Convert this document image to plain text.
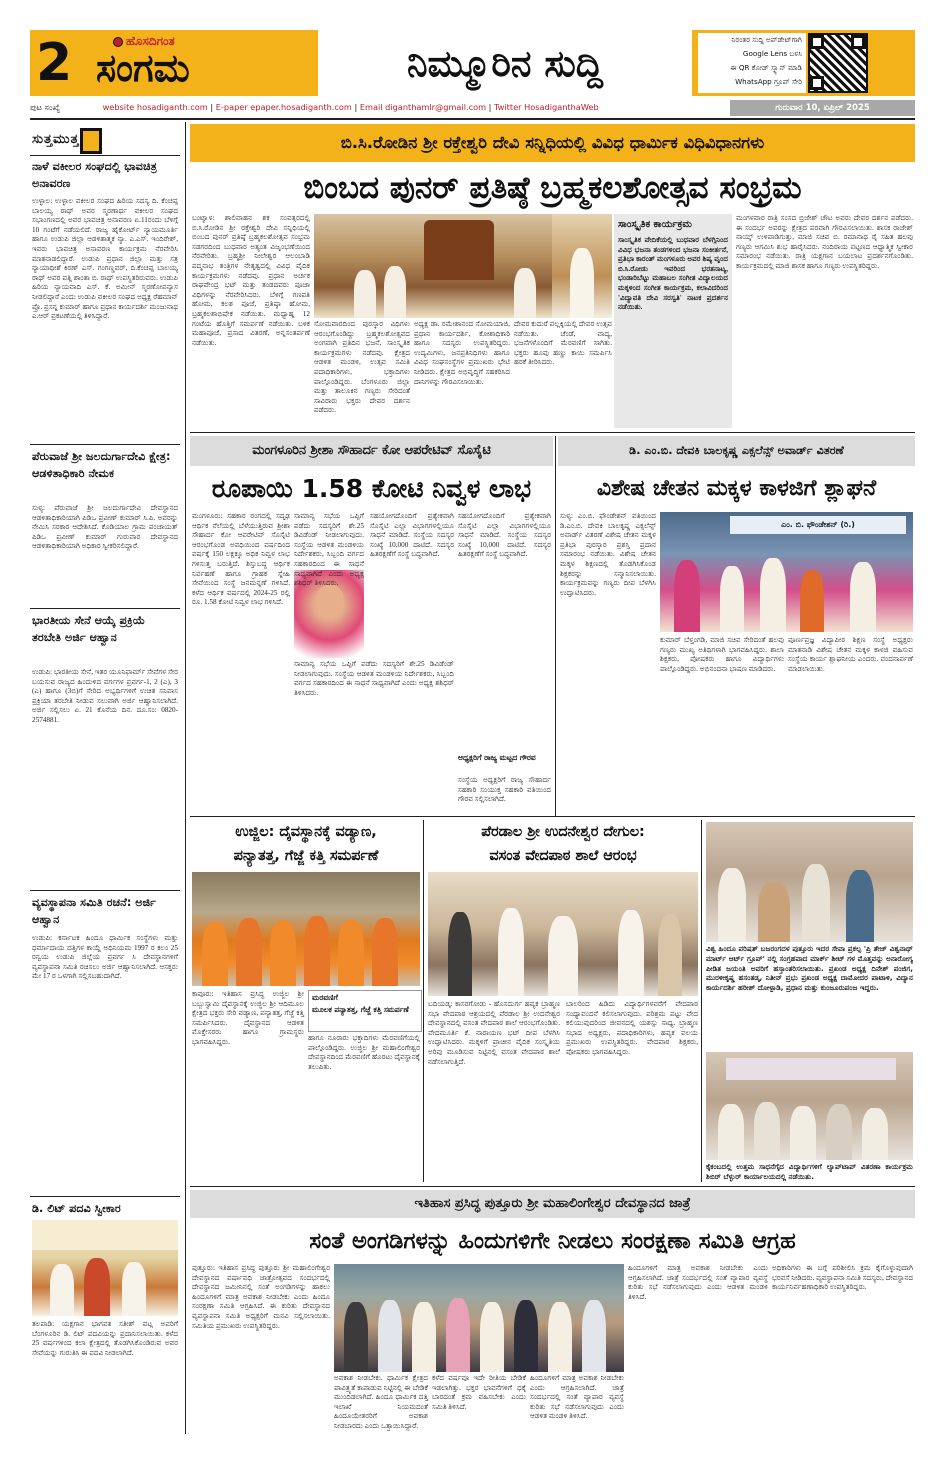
2	ಹೊಸದಿಗಂತ
ಸಂಗಮ	ನಿಮ್ಮೂರಿನ ಸುದ್ದಿ
ನಿರಂತರ ಸುದ್ದಿ ಅಪ್‌ಡೇಟ್‌ಗಾಗಿ
Google Lens ಬಳಸಿ
ಈ QR ಕೋಡ್ ಸ್ಕ್ಯಾನ್ ಮಾಡಿ
WhatsApp ಗ್ರೂಪ್ ಸೇರಿ
ಪುಟ ಸಂಖ್ಯೆ	website hosadiganth.com | E-paper epaper.hosadiganth.com | Email diganthamlr@gmail.com | Twitter HosadiganthaWeb	ಗುರುವಾರ 10, ಏಪ್ರಿಲ್ 2025
ಸುತ್ತಮುತ್ತ
ನಾಳೆ ವಕೀಲರ ಸಂಘದಲ್ಲಿ ಭಾವಚಿತ್ರ ಅನಾವರಣ
ಉಳ್ಳಾಲ: ಉಳ್ಳಾಲ ವಕೀಲರ ಸಂಘದ ಹಿರಿಯ ಸದಸ್ಯ ದಿ. ಕೆಂಚಪ್ಪ ಬಾಲಯ್ಯ ರಾಥ್ ಅವರ ಸ್ಮರಣಾರ್ಥ ವಕೀಲರ ಸಂಘದ ಸಭಾಂಗಣದಲ್ಲಿ ಅವರ ಭಾವಚಿತ್ರ ಅನಾವರಣ ಏ.11ರಂದು ಬೆಳಿಗ್ಗೆ 10 ಗಂಟೆಗೆ ನಡೆಯಲಿದೆ. ರಾಜ್ಯ ಹೈಕೋರ್ಟ್ ನ್ಯಾಯಮೂರ್ತಿ ಹಾಗೂ ಉಡುಪಿ ಜಿಲ್ಲಾ ಆಡಳಿತಾತ್ಮಕ ನ್ಯಾ. ಎ.ಎಸ್. ಇಂದಿರೇಶ್, ಇವರು ಭಾವಚಿತ್ರ ಅನಾವರಣ ಕಾರ್ಯಕ್ರಮ ನೆರವೇರಿಸಿ ಮಾತನಾಡಲಿದ್ದಾರೆ. ಉಡುಪಿ ಪ್ರಧಾನ ಜಿಲ್ಲಾ ಮತ್ತು ಸತ್ರ ನ್ಯಾಯಾಧೀಶೆ ಕಿರಣ್ ಎಸ್. ಗಂಗಣ್ಣವರ್, ದಿ.ಕೆಂಚಪ್ಪ ಬಾಲಯ್ಯ ರಾಥ್ ಅವರ ಪತ್ನಿ ಶಾಂತಾ ಬಿ. ರಾಥ್ ಉಪಸ್ಥಿತರಿರುವರು. ಉಡುಪಿ ಹಿರಿಯ ನ್ಯಾಯವಾದಿ ಎಸ್. ಕೆ. ಅಮೀನ್ ಸ್ಮರಣೋಪನ್ಯಾಸ ನೀಡಲಿದ್ದಾರೆ ಎಂದು ಉಡುಪಿ ವಕೀಲರ ಸಂಘದ ಅಧ್ಯಕ್ಷ ರೆಹಮಾನ್ ಪ್ರೊ. ಪ್ರಸನ್ನ ಕುಮಾರ್ ಹಾಗೂ ಪ್ರಧಾನ ಕಾರ್ಯದರ್ಶಿ ಮಂಜುನಾಥ ಎ.ಆರ್ ಪ್ರಕಟಣೆಯಲ್ಲಿ ತಿಳಿಸಿದ್ದಾರೆ.
ಪೆರುವಾಜೆ ಶ್ರೀ ಜಲದುರ್ಗಾದೇವಿ ಕ್ಷೇತ್ರ: ಆಡಳಿತಾಧಿಕಾರಿ ನೇಮಕ
ಸುಳ್ಯ: ಪೆರುವಾಜೆ ಶ್ರೀ ಜಲದುರ್ಗಾದೇವಿ ದೇವಸ್ಥಾನದ ಆಡಳಿತಾಧಿಕಾರಿಯಾಗಿ ಪಿಡಿಒ ಪ್ರವೀಣ್ ಕುಮಾರ್ ಸಿ.ಪಿ. ಅವರನ್ನು ನೇಮಿಸಿ ಸರಕಾರ ಆದೇಶಿಸಿದೆ. ಕೊಡಿಯಾಲ ಗ್ರಾಮ ಪಂಚಾಯತ್ ಪಿಡಿಒ ಪ್ರವೀಣ್ ಕುಮಾರ್ ಗುರುವಾರ ದೇವಸ್ಥಾನದ ಆಡಳಿತಾಧಿಕಾರಿಯಾಗಿ ಅಧಿಕಾರ ಸ್ವೀಕರಿಸಲಿದ್ದಾರೆ.
ಭಾರತೀಯ ಸೇನೆ ಆಯ್ಕೆ ಪ್ರಕ್ರಿಯೆ ತರಬೇತಿ ಅರ್ಜಿ ಆಹ್ವಾನ
ಉಡುಪಿ: ಭಾರತೀಯ ಸೇನೆ, ಇತರ ಯೂನಿಫಾರ್ಮ್ ಸೇವೆಗಳ ಸೇರ ಬಯಸುವ ರಾಜ್ಯದ ಹಿಂದುಳಿದ ವರ್ಗಗಳ ಪ್ರವರ್ಗ-1, 2 (ಎ), 3 (ಎ) ಹಾಗೂ (3ಬಿ)ಗೆ ಸೇರಿದ ಅಭ್ಯರ್ಥಿಗಳಿಗೆ ಉಚಿತ ಸನಿವಾಸ ಪ್ರಕ್ರಿಯಾ ತರಬೇತಿ ನೀಡುವ ಸಲುವಾಗಿ ಅರ್ಜಿ ಆಹ್ವಾನಿಸಲಾಗಿದೆ. ಅರ್ಜಿ ಸಲ್ಲಿಸಲು ಏ. 21 ಕೊನೆಯ ದಿನ. ದೂ.ಸಂ: 0820-2574881.
ವ್ಯವಸ್ಥಾಪನಾ ಸಮಿತಿ ರಚನೆ: ಅರ್ಜಿ ಆಹ್ವಾನ
ಉಡುಪಿ: ಕರ್ನಾಟಕ ಹಿಂದೂ ಧಾರ್ಮಿಕ ಸಂಸ್ಥೆಗಳು ಮತ್ತು ಧರ್ಮಾದಾಯ ದತ್ತಿಗಳ ಕಾಯ್ದೆ ಅಧಿನಿಯಮ 1997 ರ ಕಲಂ 25 ರನ್ವಯ ಉಡುಪಿ ಜಿಲ್ಲೆಯ ಪ್ರವರ್ಗ ಸಿ ದೇವಸ್ಥಾನಗಳಿಗೆ ವ್ಯವಸ್ಥಾಪನಾ ಸಮಿತಿ ರಚಿಸಲು ಅರ್ಜಿ ಆಹ್ವಾನಿಸಲಾಗಿದೆ. ಆಸಕ್ತರು ಮೇ 17 ರ ಒಳಗಾಗಿ ಸಲ್ಲಿಸಬಹುದಾಗಿದೆ.
ಡಿ. ಲಿಟ್ ಪದವಿ ಸ್ವೀಕಾರ
ತಲಪಾಡಿ: ಯಕ್ಷಗಾನ ಭಾಗವತ ಸತೀಶ್ ಪಟ್ಲ ಅವರಿಗೆ ಬೆಂಗಳೂರಿನ ಡಿ. ಲಿಟ್ ಪದವಿಯನ್ನು ಪ್ರದಾನಿಸಲಾಯಿತು. ಕಳೆದ 25 ವರ್ಷಗಳಿಂದ ಕಲಾ ಕ್ಷೇತ್ರದಲ್ಲಿ ತೊಡಗಿಸಿಕೊಂಡಿರುವ ಅವರ ಸೇವೆಯನ್ನು ಗುರುತಿಸಿ ಈ ಪದವಿ ನೀಡಲಾಗಿದೆ.
ಬಿ.ಸಿ.ರೋಡಿನ ಶ್ರೀ ರಕ್ತೇಶ್ವರಿ ದೇವಿ ಸನ್ನಿಧಿಯಲ್ಲಿ ವಿವಿಧ ಧಾರ್ಮಿಕ ವಿಧಿವಿಧಾನಗಳು
ಬಿಂಬದ ಪುನರ್ ಪ್ರತಿಷ್ಠೆ ಬ್ರಹ್ಮಕಲಶೋತ್ಸವ ಸಂಭ್ರಮ
ಬಂಟ್ವಾಳ: ಶಾಲಿವಾಹನ ಶಕ ಸಂವತ್ಸರದಲ್ಲಿ ಬಿ.ಸಿ.ರೋಡಿನ ಶ್ರೀ ರಕ್ತೇಶ್ವರಿ ದೇವಿ ಸನ್ನಿಧಿಯಲ್ಲಿ ಬಿಂಬದ ಪುನರ್ ಪ್ರತಿಷ್ಠೆ ಬ್ರಹ್ಮಕಲಶೋತ್ಸವ ಸಂಭ್ರಮ ಸಡಗರದಿಂದ ಬುಧವಾರ ಅತ್ಯಂತ ವಿಜೃಂಭಣೆಯಿಂದ ನೆರವೇರಿತು. ಬ್ರಹ್ಮಶ್ರೀ ನೀಲೇಶ್ವರ ಆಲಂಬಾಡಿ ಪದ್ಮನಾಭ ತಂತ್ರಿಗಳ ನೇತೃತ್ವದಲ್ಲಿ ವಿವಿಧ ವೈದಿಕ ಕಾರ್ಯಕ್ರಮಗಳು ನಡೆದವು. ಪ್ರಧಾನ ಅರ್ಚಕ ರಾಘವೇಂದ್ರ ಭಟ್ ಮತ್ತು ತಂಡದವರು ಪೂಜಾ ವಿಧಿಗಳನ್ನು ನೆರವೇರಿಸಿದರು. ಬೆಳಿಗ್ಗೆ ಗಣಪತಿ ಹೋಮ, ಕಲಶ ಪೂಜೆ, ಪ್ರತಿಷ್ಠಾ ಹೋಮ, ಬ್ರಹ್ಮಕಲಶಾಭಿಷೇಕ ನಡೆಯಿತು. ಮಧ್ಯಾಹ್ನ 12 ಗಂಟೆಯ ಹೊತ್ತಿಗೆ ಸಮರ್ಪಣೆ ನಡೆಯಿತು. ಬಳಿಕ ಮಹಾಪೂಜೆ, ಪ್ರಸಾದ ವಿತರಣೆ, ಅನ್ನಸಂತರ್ಪಣೆ ನಡೆಯಿತು.
ಸೋಮವಾರದಿಂದ ಪುರಸ್ಕಾರ ವಿಧಿಗಳು ಆರಂಭಗೊಂಡಿದ್ದು ಬ್ರಹ್ಮಕಲಶೋತ್ಸವದ ಅಂಗವಾಗಿ ಪ್ರತಿದಿನ ಭಜನೆ, ಸಾಂಸ್ಕೃತಿಕ ಕಾರ್ಯಕ್ರಮಗಳು ನಡೆದವು. ಕ್ಷೇತ್ರದ ಆಡಳಿತ ಮಂಡಳಿ, ಉತ್ಸವ ಸಮಿತಿ ಪದಾಧಿಕಾರಿಗಳು, ಭಕ್ತಾದಿಗಳು ಪಾಲ್ಗೊಂಡಿದ್ದರು. ಬೆಂಗಳೂರು ಜಿಲ್ಲಾ ಮತ್ತು ತಾಲೂಕಿನ ಗಣ್ಯರು ಸೇರಿದಂತೆ ಸಾವಿರಾರು ಭಕ್ತರು ದೇವರ ದರ್ಶನ ಪಡೆದರು.
ಅಧ್ಯಕ್ಷ ಡಾ. ರಮೇಶಾನಂದ ಸೋಮಯಾಜಿ, ಪ್ರಧಾನ ಕಾರ್ಯದರ್ಶಿ, ಕೋಶಾಧಿಕಾರಿ ಹಾಗೂ ಸದಸ್ಯರು ಉಪಸ್ಥಿತರಿದ್ದರು. ಉದ್ಯಮಿಗಳು, ಜನಪ್ರತಿನಿಧಿಗಳು ಹಾಗೂ ವಿವಿಧ ಸಂಘಸಂಸ್ಥೆಗಳ ಪ್ರಮುಖರು ಭೇಟಿ ನೀಡಿದರು. ಕ್ಷೇತ್ರದ ಅಭಿವೃದ್ಧಿಗೆ ಸಹಕರಿಸಿದ ದಾನಿಗಳನ್ನು ಗೌರವಿಸಲಾಯಿತು.
ದೇವರ ಕುದುರೆ ಪಲ್ಲಕ್ಕಿಯಲ್ಲಿ ದೇವರ ಉತ್ಸವ ನಡೆಯಿತು. ಚೆಂಡೆ, ವಾದ್ಯ, ಭಜನೆಗಳೊಂದಿಗೆ ಮೆರವಣಿಗೆ ಸಾಗಿತು. ಭಕ್ತರು ಹೂವು ಹಣ್ಣು ಕಾಯಿ ಸಮರ್ಪಿಸಿ ಹರಕೆ ತೀರಿಸಿದರು.
ಸಾಂಸ್ಕೃತಿಕ ಕಾರ್ಯಕ್ರಮ
ಸಾಂಸ್ಕೃತಿಕ ವೇದಿಕೆಯಲ್ಲಿ ಬುಧವಾರ ಬೆಳಗ್ಗಿನಿಂದ ವಿವಿಧ ಭಜನಾ ತಂಡಗಳಿಂದ ಭಜನಾ ಸಂಕೀರ್ತನೆ, ಪ್ರತಿಭಾ ಕಾರಂತ್ ಮಂಗಳೂರು ಅವರ ಶಿಷ್ಯ ವೃಂದ ಬಿ.ಸಿ.ರೋಡು ಇವರಿಂದ ಭರತನಾಟ್ಯ, ಭಂಡಾರಿಬೆಟ್ಟು ಮಹಾಬಲ ಸಂಗೀತ ವಿದ್ಯಾಲಯದ ಮಕ್ಕಳಿಂದ ಸಂಗೀತ ಕಾರ್ಯಕ್ರಮ, ಕಲಾವಿದರಿಂದ 'ವಿದ್ಯಾವತಿ ದೇವಿ ಸರಸ್ವತಿ' ನಾಟಕ ಪ್ರದರ್ಶನ ನಡೆಯಿತು.
ಮಂಗಳವಾರ ರಾತ್ರಿ ಸಂಸದ ಬ್ರಿಜೇಶ್ ಚೌಟ ಅವರು ದೇವರ ದರ್ಶನ ಪಡೆದರು. ಈ ಸಂದರ್ಭ ಅವರನ್ನು ಕ್ಷೇತ್ರದ ಪರವಾಗಿ ಗೌರವಿಸಲಾಯಿತು. ಶಾಸಕ ರಾಜೇಶ್ ನಾಯ್ಕ್ ಉಳಿಪಾಡಿಗುತ್ತು, ಮಾಜಿ ಸಚಿವ ಬಿ. ರಮಾನಾಥ ರೈ ಸಹಿತ ಹಲವು ಗಣ್ಯರು ಆಗಮಿಸಿ ಶುಭ ಹಾರೈಸಿದರು. ನಂದಿರಾಯ ಪಟ್ಟಣದ ಆಧ್ಯಾತ್ಮಿಕ ಸ್ವೀಕಾರ ಸಮಾರಂಭ ನಡೆಯಿತು. ರಾತ್ರಿ ಯಕ್ಷಗಾನ ಬಯಲಾಟ ಪ್ರದರ್ಶನಗೊಂಡಿತು. ಕಾರ್ಯಕ್ರಮದಲ್ಲಿ ಮಾಜಿ ಶಾಸಕ ಹಾಗೂ ಗಣ್ಯರು ಉಪಸ್ಥಿತರಿದ್ದರು.
ಮಂಗಳೂರಿನ ಶ್ರೀಶಾ ಸೌಹಾರ್ದ ಕೋ ಆಪರೇಟಿವ್ ಸೊಸೈಟಿ
ರೂಪಾಯಿ 1.58 ಕೋಟಿ ನಿವ್ವಳ ಲಾಭ
ಮಂಗಳೂರು: ಸಹಕಾರ ರಂಗದಲ್ಲಿ ಸದೃಢ ಆರ್ಥಿಕ ನೆಲೆಯಲ್ಲಿ ಬೆಳೆಯುತ್ತಿರುವ ಶ್ರೀಶಾ ಸೌಹಾರ್ದ ಕೋ ಆಪರೇಟಿವ್ ಸೊಸೈಟಿ ಆರಂಭಗೊಂಡ ಅವಧಿಯಿಂದ ವರ್ಷದಿಂದ ವರ್ಷಕ್ಕೆ 150 ಲಕ್ಷಕ್ಕೂ ಅಧಿಕ ನಿವ್ವಳ ಲಾಭ ಗಳಿಸುತ್ತ ಬರುತ್ತಿದೆ. ಶಿಸ್ತುಬದ್ಧ ಆರ್ಥಿಕ ನಿರ್ವಹಣೆ ಹಾಗೂ ಗ್ರಾಹಕ ಸ್ನೇಹಿ ಸೇವೆಯಿಂದ ಸಂಸ್ಥೆ ಜನಮನ್ನಣೆ ಗಳಿಸಿದೆ. ಕಳೆದ ಆರ್ಥಿಕ ವರ್ಷದಲ್ಲಿ 2024-25 ರಲ್ಲಿ ರೂ. 1.58 ಕೋಟಿ ನಿವ್ವಳ ಲಾಭ ಗಳಿಸಿದೆ.
ಸಾಮಾನ್ಯ ಸಭೆಯ ಒಪ್ಪಿಗೆ ಪಡೆದು ಸದಸ್ಯರಿಗೆ ಶೇ.25 ಡಿವಿಡೆಂಡ್ ನೀಡಲಾಗುವುದು. ಸಂಸ್ಥೆಯ ಆಡಳಿತ ಮಂಡಳಿಯ ನಿರ್ದೇಶಕರು, ಸಿಬ್ಬಂದಿ ವರ್ಗದ ಸಹಕಾರದಿಂದ ಈ ಸಾಧನೆ ಸಾಧ್ಯವಾಗಿದೆ ಎಂದು ಅಧ್ಯಕ್ಷ ಶಶಿಧರ್ ತಿಳಿಸಿದರು.
ಸಾಮಾನ್ಯ ಸಭೆಯ ಒಪ್ಪಿಗೆ ಪಡೆದು ಸದಸ್ಯರಿಗೆ ಶೇ.25 ಡಿವಿಡೆಂಡ್ ನೀಡಲಾಗುವುದು. ಸಂಸ್ಥೆಯ ಆಡಳಿತ ಮಂಡಳಿಯ ನಿರ್ದೇಶಕರು, ಸಿಬ್ಬಂದಿ ವರ್ಗದ ಸಹಕಾರದಿಂದ ಈ ಸಾಧನೆ ಸಾಧ್ಯವಾಗಿದೆ ಎಂದು ಅಧ್ಯಕ್ಷ ಶಶಿಧರ್ ತಿಳಿಸಿದರು.
ಸಹಯೋಗದೊಂದಿಗೆ ಪ್ರತ್ಯೇಕವಾಗಿ ಸೊಸೈಟಿ ಎಲ್ಲಾ ವಿಭಾಗಗಳಲ್ಲಿಯೂ ಸಾಧನೆ ಮಾಡಿದೆ. ಸಂಸ್ಥೆಯ ಸದಸ್ಯರ ಸಂಖ್ಯೆ 10,000 ದಾಟಿದೆ. ಸದಸ್ಯರ ಹಿತರಕ್ಷಣೆಗೆ ಸಂಸ್ಥೆ ಬದ್ಧವಾಗಿದೆ.
ಸಹಯೋಗದೊಂದಿಗೆ ಪ್ರತ್ಯೇಕವಾಗಿ ಸೊಸೈಟಿ ಎಲ್ಲಾ ವಿಭಾಗಗಳಲ್ಲಿಯೂ ಸಾಧನೆ ಮಾಡಿದೆ. ಸಂಸ್ಥೆಯ ಸದಸ್ಯರ ಸಂಖ್ಯೆ 10,000 ದಾಟಿದೆ. ಸದಸ್ಯರ ಹಿತರಕ್ಷಣೆಗೆ ಸಂಸ್ಥೆ ಬದ್ಧವಾಗಿದೆ.
ಆಧ್ಯಕ್ಷರಿಗೆ ರಾಜ್ಯ ಮಟ್ಟದ ಗೌರವ
ಸಂಸ್ಥೆಯ ಅಧ್ಯಕ್ಷರಿಗೆ ರಾಜ್ಯ ಸೌಹಾರ್ದ ಸಹಕಾರಿ ಸಂಯುಕ್ತ ಸಹಕಾರಿ ವತಿಯಿಂದ ಗೌರವ ಸಲ್ಲಿಸಲಾಗಿದೆ.
ಡಿ. ಎಂ.ಬಿ. ದೇವಕಿ ಬಾಲಕೃಷ್ಣ ಎಕ್ಸಲೆನ್ಸ್ ಅವಾರ್ಡ್ ವಿತರಣೆ
ವಿಶೇಷ ಚೇತನ ಮಕ್ಕಳ ಕಾಳಜಿಗೆ ಶ್ಲಾಘನೆ
ಸುಳ್ಯ: ಎಂ.ಬಿ. ಫೌಂಡೇಶನ್ ವತಿಯಿಂದ ಡಿ.ಎಂ.ಬಿ. ದೇವಕಿ ಬಾಲಕೃಷ್ಣ ಎಕ್ಸಲೆನ್ಸ್ ಅವಾರ್ಡ್ ವಿತರಣೆ ವಿಶೇಷ ಚೇತನ ಮಕ್ಕಳ ಪ್ರತಿಭಾ ಪುರಸ್ಕಾರ ಪ್ರಶಸ್ತಿ ಪ್ರದಾನ ಸಮಾರಂಭ ನಡೆಯಿತು. ವಿಶೇಷ ಚೇತನ ಮಕ್ಕಳ ಶಿಕ್ಷಣದಲ್ಲಿ ತೊಡಗಿಸಿಕೊಂಡ ಶಿಕ್ಷಕರನ್ನು ಸನ್ಮಾನಿಸಲಾಯಿತು. ಕಾರ್ಯಕ್ರಮವನ್ನು ಗಣ್ಯರು ದೀಪ ಬೆಳಗಿಸಿ ಉದ್ಘಾಟಿಸಿದರು.
ಎಂ. ಬಿ. ಫೌಂಡೇಶನ್ (ರಿ.)
ಕುಮಾರ್ ಬೆಳ್ತಂಗಡಿ, ಮಾಜಿ ಸಚಿವ ಸೇರಿದಂತೆ ಹಲವು ಗಣ್ಯರು ಮುಖ್ಯ ಅತಿಥಿಗಳಾಗಿ ಭಾಗವಹಿಸಿದ್ದರು. ಶಾಲಾ ಶಿಕ್ಷಕರು, ಪೋಷಕರು ಹಾಗೂ ವಿದ್ಯಾರ್ಥಿಗಳು ಪಾಲ್ಗೊಂಡಿದ್ದರು. ಅಭಿನಂದನಾ ಭಾಷಣ ಮಾಡಿದರು.
ಪೂರ್ಣಪ್ರಜ್ಞ ವಿದ್ಯಾಪೀಠ ಶಿಕ್ಷಣ ಸಂಸ್ಥೆ ಅಧ್ಯಕ್ಷರು ಮಾತನಾಡಿ ವಿಶೇಷ ಚೇತನ ಮಕ್ಕಳ ಕಾಳಜಿ ವಹಿಸುವ ಸಂಸ್ಥೆಯ ಕಾರ್ಯ ಶ್ಲಾಘನೀಯ ಎಂದರು. ವಂದನಾರ್ಪಣೆ ಮಾಡಲಾಯಿತು.
ಉಜ್ಜಿಲ: ದೈವಸ್ಥಾನಕ್ಕೆ ವಡ್ಯಾಣ,
ಪನ್ಯಾತತ್ತ, ಗೆಜ್ಜೆ ಕತ್ತಿ ಸಮರ್ಪಣೆ
ಕಾವೂರು: ಇತಿಹಾಸ ಪ್ರಸಿದ್ಧ ಉಜ್ಜಿಲ ಶ್ರೀ ಬಬ್ಬುಸ್ವಾಮಿ ದೈವಸ್ಥಾನಕ್ಕೆ ಉಜ್ಜಿಲ ಶ್ರೀ ಆದಿಮೂಲ ಕ್ಷೇತ್ರದ ಭಕ್ತರು ಸೇರಿ ವಡ್ಯಾಣ, ಪನ್ಯಾತತ್ತ, ಗೆಜ್ಜೆ ಕತ್ತಿ ಸಮರ್ಪಿಸಿದರು. ದೈವಸ್ಥಾನದ ಆಡಳಿತ ಮೊಕ್ತೇಸರರು ಹಾಗೂ ಗ್ರಾಮಸ್ಥರು ಭಾಗವಹಿಸಿದ್ದರು.
ಮರವಣಿಗೆ
ಮೂಲಕ ಪನ್ಯಾತತ್ತ, ಗೆಜ್ಜೆ ಕತ್ತಿ ಸಮರ್ಪಣೆ
ಹಾಗೂ ನೂರಾರು ಭಕ್ತಾದಿಗಳು ಮೆರವಣಿಗೆಯಲ್ಲಿ ಪಾಲ್ಗೊಂಡಿದ್ದರು. ಉಜ್ಜಿಲ ಶ್ರೀ ಮಹಾಲಿಂಗೇಶ್ವರ ದೇವಸ್ಥಾನದಿಂದ ಮೆರವಣಿಗೆ ಹೊರಟು ದೈವಸ್ಥಾನಕ್ಕೆ ತಲುಪಿತು.
ಪೆರಡಾಲ ಶ್ರೀ ಉದನೇಶ್ವರ ದೇಗುಲ:
ವಸಂತ ವೇದಪಾಠ ಶಾಲೆ ಆರಂಭ
ಬದಿಯಡ್ಕ: ಕಾಸರಗೋಡು - ಹೊಸದುರ್ಗ ಹವ್ಯಕ ಬ್ರಾಹ್ಮಣ ಸಭಾ ವೇದಪಾಠ ಆಶ್ರಯದಲ್ಲಿ ಪೆರಡಾಲ ಶ್ರೀ ಉದನೇಶ್ವರ ದೇವಸ್ಥಾನದಲ್ಲಿ ವಸಂತ ವೇದಪಾಠ ಶಾಲೆ ಆರಂಭಗೊಂಡಿತು. ವೇದಮೂರ್ತಿ ಕೆ. ನಾರಾಯಣ ಭಟ್ ದೀಪ ಬೆಳಗಿಸಿ ಉದ್ಘಾಟಿಸಿದರು. ಮಕ್ಕಳಿಗೆ ಪ್ರಾಚೀನ ವೈದಿಕ ಸಂಸ್ಕೃತಿಯ ಅರಿವು ಮೂಡಿಸುವ ನಿಟ್ಟಿನಲ್ಲಿ ವಸಂತ ವೇದಪಾಠ ಶಾಲೆ ನಡೆಸಲಾಗುತ್ತಿದೆ.
ಬಾಲರಿಂದ ಹಿಡಿದು ವಿದ್ಯಾರ್ಥಿಗಳವರೆಗೆ ವೇದಪಾಠ ಸಂಧ್ಯಾವಂದನೆ ಕಲಿಸಲಾಗುವುದು. ಪರಿಶ್ರಮ ಪಟ್ಟು ವೇದ ಕಲಿಯುವುದರಿಂದ ಜೀವನದಲ್ಲಿ ಯಶಸ್ಸು ಸಾಧ್ಯ. ಬ್ರಾಹ್ಮಣ ಸಭಾದ ಅಧ್ಯಕ್ಷರು, ಪದಾಧಿಕಾರಿಗಳು, ಹವ್ಯಕ ವಲಯ ಪ್ರಮುಖರು ಉಪಸ್ಥಿತರಿದ್ದರು. ವೇದಪಾಠ ಶಿಕ್ಷಕರು, ಪೋಷಕರು ಭಾಗವಹಿಸಿದ್ದರು.
ವಿಶ್ವ ಹಿಂದೂ ಪರಿಷತ್ ಬಜರಂಗದಳ ಪುತ್ತೂರು ಇದರ ಸೇವಾ ಪ್ರಕಲ್ಪ 'ಪ್ರಿ ತೇಜ್ ವಿಶ್ವನಾಥ್ ಮಾರ್ಟ್ ಆರ್ಟ್ ಗ್ರೂಪ್' ನಲ್ಲಿ ಸಂಗ್ರಹವಾದ ಮಾರ್ಕ್ ಶೀಟ್ ಗಳ ಮೊತ್ತವನ್ನು ಅನಾರೋಗ್ಯ ಪೀಡಿತ ಜಯಂತಿ ಅವರಿಗೆ ಹಸ್ತಾಂತರಿಸಲಾಯಿತು. ಪ್ರಖಂಡ ಅಧ್ಯಕ್ಷ ದಿನೇಶ್ ಪಂಜಿಗ, ಮುರಳೀಕೃಷ್ಣ ಹಸಂತಡ್ಕ, ನಿತೀನ್ ಪ್ರಭು ಪ್ರಖಂಡ ಅಧ್ಯಕ್ಷ ದಾಮೋದರ ಪಾಟಾಳಿ, ವಿದ್ಯಾನ ಕಾರ್ಯದರ್ಶಿ ಹರೀಶ್ ದೋಳ್ಪಾಡಿ, ಪ್ರಧಾನ ಮತ್ತು ಕುಂಜೂರುಪಂಜ ಇದ್ದರು.
ಕೈಕಂಬದಲ್ಲಿ ಉತ್ತಮ ಸಾಧನೆಗೈದ ವಿದ್ಯಾರ್ಥಿಗಳಿಗೆ ಲ್ಯಾಪ್‌ಟಾಪ್ ವಿತರಣಾ ಕಾರ್ಯಕ್ರಮ ಶಿಬಿರ್ ಬೆಳ್ಳುರ್ ಕಾರ್ಯಾಲಯದಲ್ಲಿ ನಡೆಯಿತು.
ಇತಿಹಾಸ ಪ್ರಸಿದ್ಧ ಪುತ್ತೂರು ಶ್ರೀ ಮಹಾಲಿಂಗೇಶ್ವರ ದೇವಸ್ಥಾನದ ಜಾತ್ರೆ
ಸಂತೆ ಅಂಗಡಿಗಳನ್ನು ಹಿಂದುಗಳಿಗೇ ನೀಡಲು ಸಂರಕ್ಷಣಾ ಸಮಿತಿ ಆಗ್ರಹ
ಪುತ್ತೂರು: ಇತಿಹಾಸ ಪ್ರಸಿದ್ಧ ಪುತ್ತೂರು ಶ್ರೀ ಮಹಾಲಿಂಗೇಶ್ವರ ದೇವಸ್ಥಾನದ ವರ್ಷಾವಧಿ ಜಾತ್ರೋತ್ಸವದ ಸಂದರ್ಭದಲ್ಲಿ ದೇವಸ್ಥಾನದ ಜಮೀನಿನಲ್ಲಿ ಸಂತೆ ಅಂಗಡಿಗಳನ್ನು ಹಾಕಲು ಹಿಂದೂಗಳಿಗೆ ಮಾತ್ರ ಅವಕಾಶ ನೀಡಬೇಕು ಎಂದು ಹಿಂದೂ ಸಂರಕ್ಷಣಾ ಸಮಿತಿ ಆಗ್ರಹಿಸಿದೆ. ಈ ಕುರಿತು ದೇವಸ್ಥಾನದ ವ್ಯವಸ್ಥಾಪನಾ ಸಮಿತಿ ಅಧ್ಯಕ್ಷರಿಗೆ ಮನವಿ ಸಲ್ಲಿಸಲಾಯಿತು. ಸಮಿತಿಯ ಪ್ರಮುಖರು ಉಪಸ್ಥಿತರಿದ್ದರು.
ಅವಕಾಶ ನೀಡಬೇಕು. ಧಾರ್ಮಿಕ ಕ್ಷೇತ್ರದ ಪಾವಿತ್ರ್ಯತೆ ಕಾಪಾಡುವ ನಿಟ್ಟಿನಲ್ಲಿ ಈ ಬೇಡಿಕೆ ಮುಂದಿಡಲಾಗಿದೆ. ಹಿಂದೂ ಧಾರ್ಮಿಕ ದತ್ತಿ ಇಲಾಖೆ ನಿಯಮದಂತೆ ಹಿಂದೂಯೇತರರಿಗೆ ಅವಕಾಶ ನೀಡಬಾರದು ಎಂದು ಒತ್ತಾಯಿಸಿದ್ದಾರೆ.
ಕಳೆದ ವರ್ಷವೂ ಇದೇ ರೀತಿಯ ಬೇಡಿಕೆ ಇಡಲಾಗಿತ್ತು. ಭಕ್ತರ ಭಾವನೆಗಳಿಗೆ ಧಕ್ಕೆ ಬಾರದಂತೆ ಕ್ರಮ ವಹಿಸಬೇಕು ಎಂದು ಸಮಿತಿ ತಿಳಿಸಿದೆ.
ಹಿಂದೂಗಳಿಗೆ ಮಾತ್ರ ಅವಕಾಶ ನೀಡಬೇಕು ಎಂದು ಆಗ್ರಹಿಸಲಾಗಿದೆ. ಜಾತ್ರೆ ಸಂದರ್ಭದಲ್ಲಿ ಸಂತೆ ವ್ಯಾಪಾರ ವ್ಯವಸ್ಥೆ ಕುರಿತು ಸಭೆ ನಡೆಸಲಾಗುವುದು ಎಂದು ಆಡಳಿತ ಮಂಡಳಿ ತಿಳಿಸಿದೆ.
ಹಿಂದೂಗಳಿಗೆ ಮಾತ್ರ ಅವಕಾಶ ನೀಡಬೇಕು ಎಂದು ಆಗ್ರಹಿಸಲಾಗಿದೆ. ಜಾತ್ರೆ ಸಂದರ್ಭದಲ್ಲಿ ಸಂತೆ ವ್ಯಾಪಾರ ವ್ಯವಸ್ಥೆ ಕುರಿತು ಸಭೆ ನಡೆಸಲಾಗುವುದು ಎಂದು ಆಡಳಿತ ಮಂಡಳಿ ತಿಳಿಸಿದೆ.
ಅಧಿಕಾರಿಗಳು ಈ ಬಗ್ಗೆ ಪರಿಶೀಲಿಸಿ ಕ್ರಮ ಕೈಗೊಳ್ಳುವುದಾಗಿ ಭರವಸೆ ನೀಡಿದರು. ವ್ಯವಸ್ಥಾಪನಾ ಸಮಿತಿ ಸದಸ್ಯರು, ದೇವಸ್ಥಾನದ ಕಾರ್ಯನಿರ್ವಹಣಾಧಿಕಾರಿ ಉಪಸ್ಥಿತರಿದ್ದರು.
